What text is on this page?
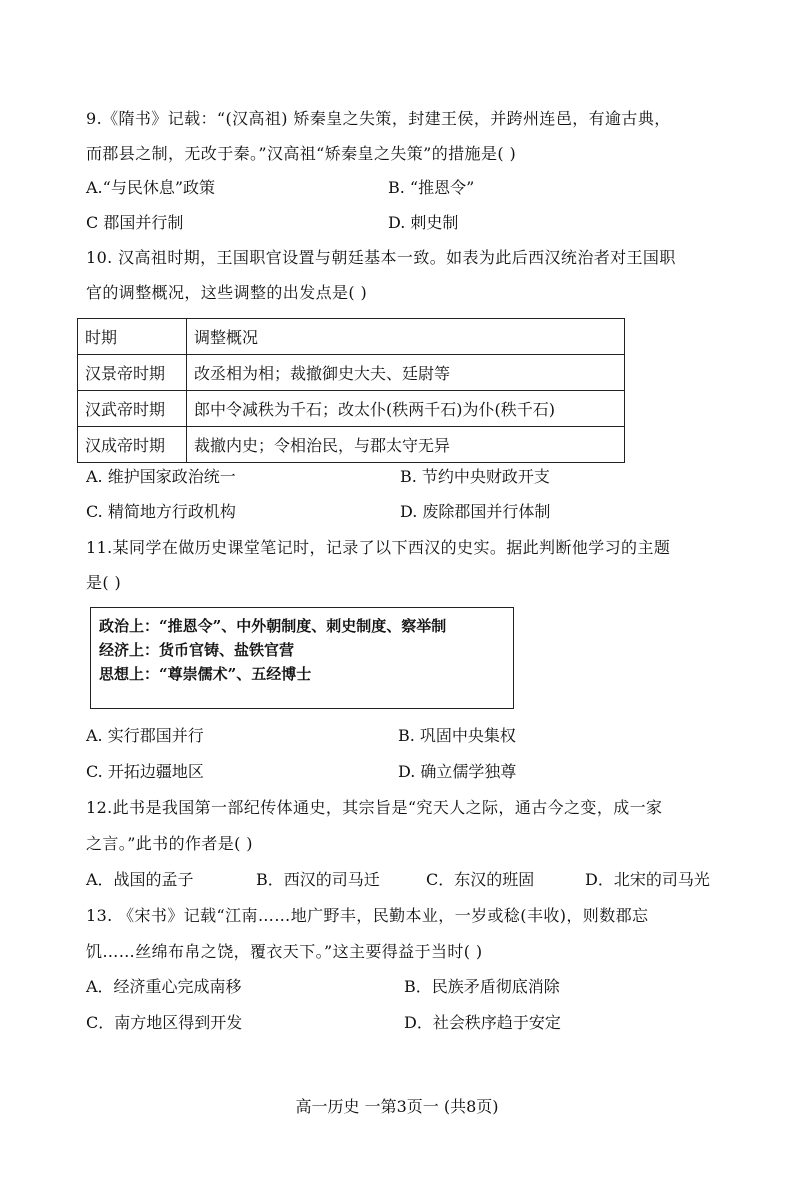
9.《隋书》记载：“(汉高祖) 矫秦皇之失策，封建王侯，并跨州连邑，有逾古典，
而郡县之制，无改于秦。”汉高祖“矫秦皇之失策”的措施是( )
A.“与民休息”政策	B. “推恩令”
C 郡国并行制	D. 刺史制
10. 汉高祖时期，王国职官设置与朝廷基本一致。如表为此后西汉统治者对王国职
官的调整概况，这些调整的出发点是( )
时期	调整概况
汉景帝时期	改丞相为相；裁撤御史大夫、廷尉等
汉武帝时期	郎中令减秩为千石；改太仆(秩两千石)为仆(秩千石)
汉成帝时期	裁撤内史；令相治民，与郡太守无异
A. 维护国家政治统一	B. 节约中央财政开支
C. 精简地方行政机构	D. 废除郡国并行体制
11.某同学在做历史课堂笔记时，记录了以下西汉的史实。据此判断他学习的主题
是( )
政治上：“推恩令”、中外朝制度、刺史制度、察举制
经济上：货币官铸、盐铁官营
思想上：“尊崇儒术”、五经博士
A. 实行郡国并行	B. 巩固中央集权
C. 开拓边疆地区	D. 确立儒学独尊
12.此书是我国第一部纪传体通史，其宗旨是“究天人之际，通古今之变，成一家
之言。”此书的作者是( )
A．战国的孟子	B．西汉的司马迁	C．东汉的班固	D．北宋的司马光
13. 《宋书》记载“江南……地广野丰，民勤本业，一岁或稔(丰收)，则数郡忘
饥……丝绵布帛之饶，覆衣天下。”这主要得益于当时( )
A．经济重心完成南移	B．民族矛盾彻底消除
C．南方地区得到开发	D．社会秩序趋于安定
高一历史 一第3页一 (共8页)
